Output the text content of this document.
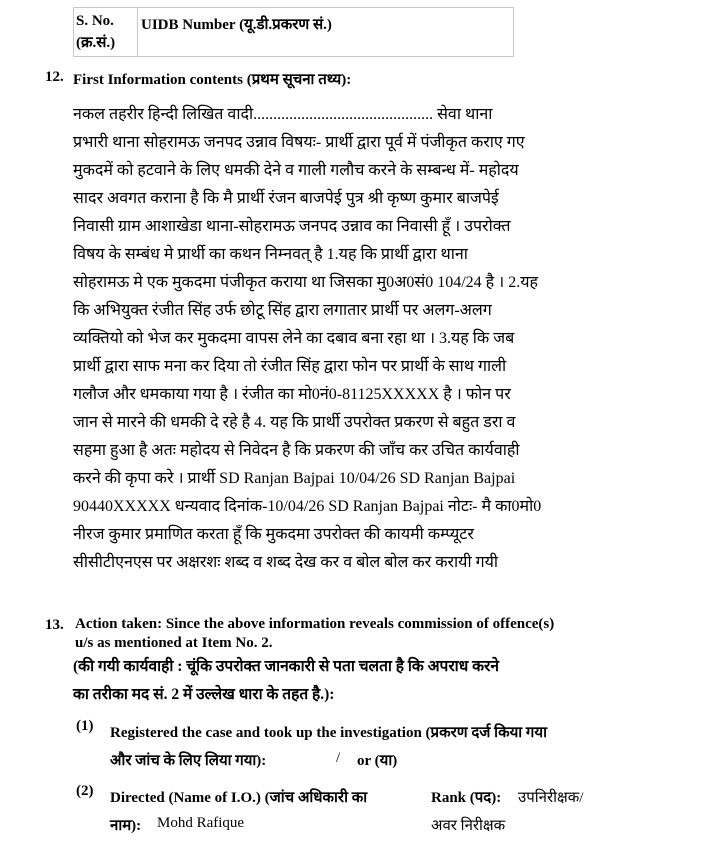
S. No.
(क्र.सं.)
	UIDB Number (यू.डी.प्रकरण सं.)
12. First Information contents (प्रथम सूचना तथ्य):
नकल तहरीर हिन्दी लिखित वादी............................................. सेवा थाना
प्रभारी थाना सोहरामऊ जनपद उन्नाव विषयः- प्रार्थी द्वारा पूर्व में पंजीकृत कराए गए
मुकदमें को हटवाने के लिए धमकी देने व गाली गलौच करने के सम्बन्ध में- महोदय
सादर अवगत कराना है कि मै प्रार्थी रंजन बाजपेई पुत्र श्री कृष्ण कुमार बाजपेई
निवासी ग्राम आशाखेडा थाना-सोहरामऊ जनपद उन्नाव का निवासी हूँ । उपरोक्त
विषय के सम्बंध मे प्रार्थी का कथन निम्नवत् है 1.यह कि प्रार्थी द्वारा थाना
सोहरामऊ मे एक मुकदमा पंजीकृत कराया था जिसका मु0अ0सं0 104/24 है । 2.यह
कि अभियुक्त रंजीत सिंह उर्फ छोटू सिंह द्वारा लगातार प्रार्थी पर अलग-अलग
व्यक्तियो को भेज कर मुकदमा वापस लेने का दबाव बना रहा था । 3.यह कि जब
प्रार्थी द्वारा साफ मना कर दिया तो रंजीत सिंह द्वारा फोन पर प्रार्थी के साथ गाली
गलौज और धमकाया गया है । रंजीत का मो0नं0-81125XXXXX है । फोन पर
जान से मारने की धमकी दे रहे है 4. यह कि प्रार्थी उपरोक्त प्रकरण से बहुत डरा व
सहमा हुआ है अतः महोदय से निवेदन है कि प्रकरण की जाँच कर उचित कार्यवाही
करने की कृपा करे । प्रार्थी SD Ranjan Bajpai 10/04/26 SD Ranjan Bajpai
90440XXXXX धन्यवाद दिनांक-10/04/26 SD Ranjan Bajpai नोटः- मै का0मो0
नीरज कुमार प्रमाणित करता हूँ कि मुकदमा उपरोक्त की कायमी कम्प्यूटर
सीसीटीएनएस पर अक्षरशः शब्द व शब्द देख कर व बोल बोल कर करायी गयी
13. Action taken: Since the above information reveals commission of offence(s)
u/s as mentioned at Item No. 2.
(की गयी कार्यवाही : चूंकि उपरोक्त जानकारी से पता चलता है कि अपराध करने
का तरीका मद सं. 2 में उल्लेख धारा के तहत है.):
(1) Registered the case and took up the investigation (प्रकरण दर्ज किया गया
और जांच के लिए लिया गया):	/ or (या)
(2) Directed (Name of I.O.) (जांच अधिकारी का
नाम): Mohd Rafique
Rank (पद): उपनिरीक्षक/
अवर निरीक्षक
